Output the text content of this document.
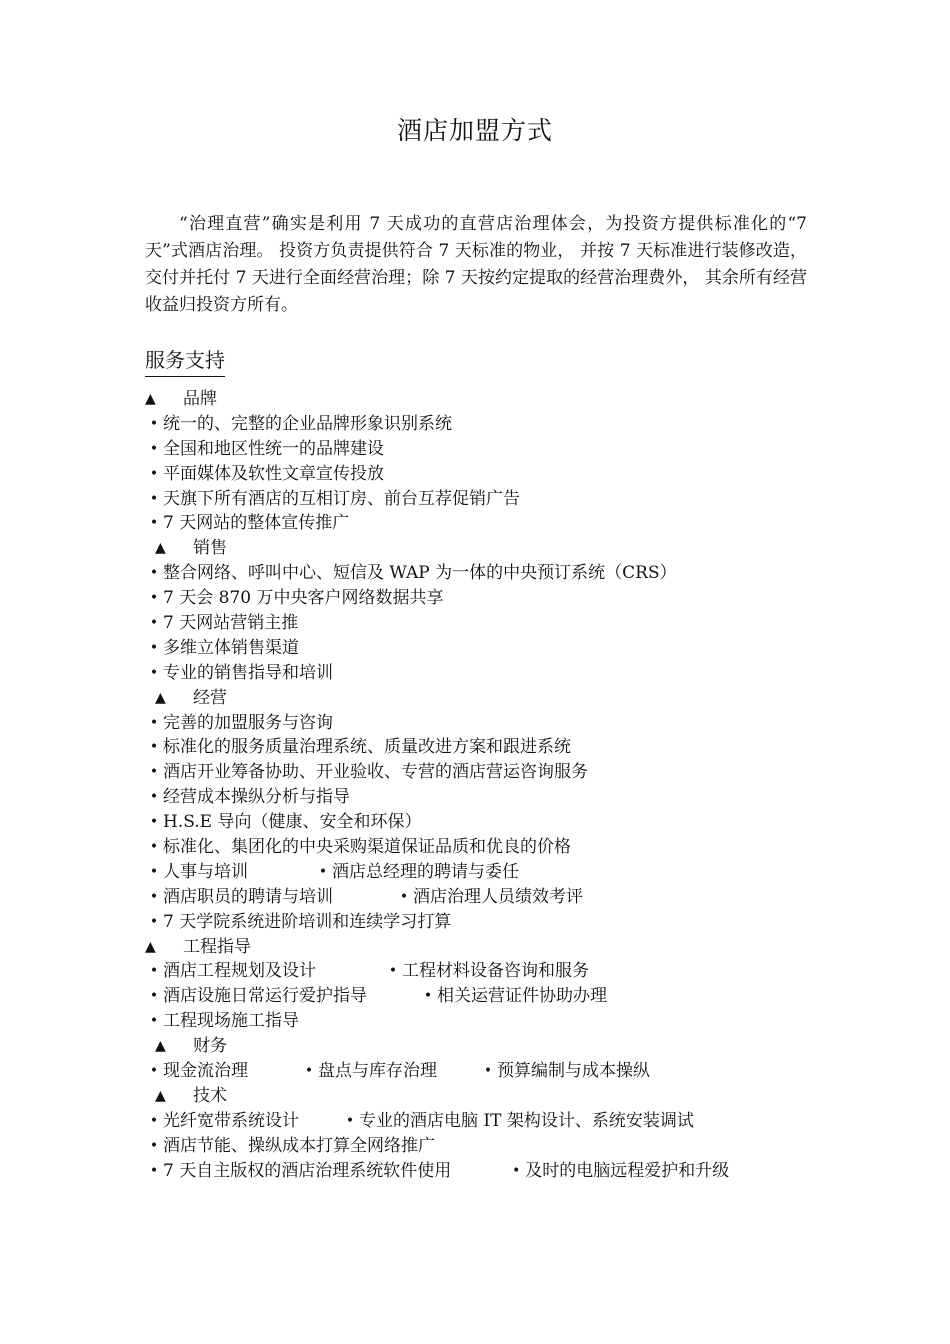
酒店加盟方式

“治理直营”确实是利用 7 天成功的直营店治理体会，为投资方提供标准化的“7 天”式酒店治理。 投资方负责提供符合 7 天标准的物业， 并按 7 天标准进行装修改造，交付并托付 7 天进行全面经营治理；除 7 天按约定提取的经营治理费外， 其余所有经营收益归投资方所有。

服务支持
▲	品牌
• 统一的、完整的企业品牌形象识别系统
• 全国和地区性统一的品牌建设
• 平面媒体及软性文章宣传投放
• 天旗下所有酒店的互相订房、前台互荐促销广告
• 7 天网站的整体宣传推广
▲	销售
• 整合网络、呼叫中心、短信及 WAP 为一体的中央预订系统（CRS）
• 7 天会 870 万中央客户网络数据共享
• 7 天网站营销主推
• 多维立体销售渠道
• 专业的销售指导和培训
▲	经营
• 完善的加盟服务与咨询
• 标准化的服务质量治理系统、质量改进方案和跟进系统
• 酒店开业筹备协助、开业验收、专营的酒店营运咨询服务
• 经营成本操纵分析与指导
• H.S.E 导向（健康、安全和环保）
• 标准化、集团化的中央采购渠道保证品质和优良的价格
• 人事与培训	• 酒店总经理的聘请与委任
• 酒店职员的聘请与培训	• 酒店治理人员绩效考评
• 7 天学院系统进阶培训和连续学习打算
▲	工程指导
• 酒店工程规划及设计	• 工程材料设备咨询和服务
• 酒店设施日常运行爱护指导	• 相关运营证件协助办理
• 工程现场施工指导
▲	财务
• 现金流治理	• 盘点与库存治理	• 预算编制与成本操纵
▲	技术
• 光纤宽带系统设计	• 专业的酒店电脑 IT 架构设计、系统安装调试
• 酒店节能、操纵成本打算全网络推广
• 7 天自主版权的酒店治理系统软件使用	• 及时的电脑远程爱护和升级
